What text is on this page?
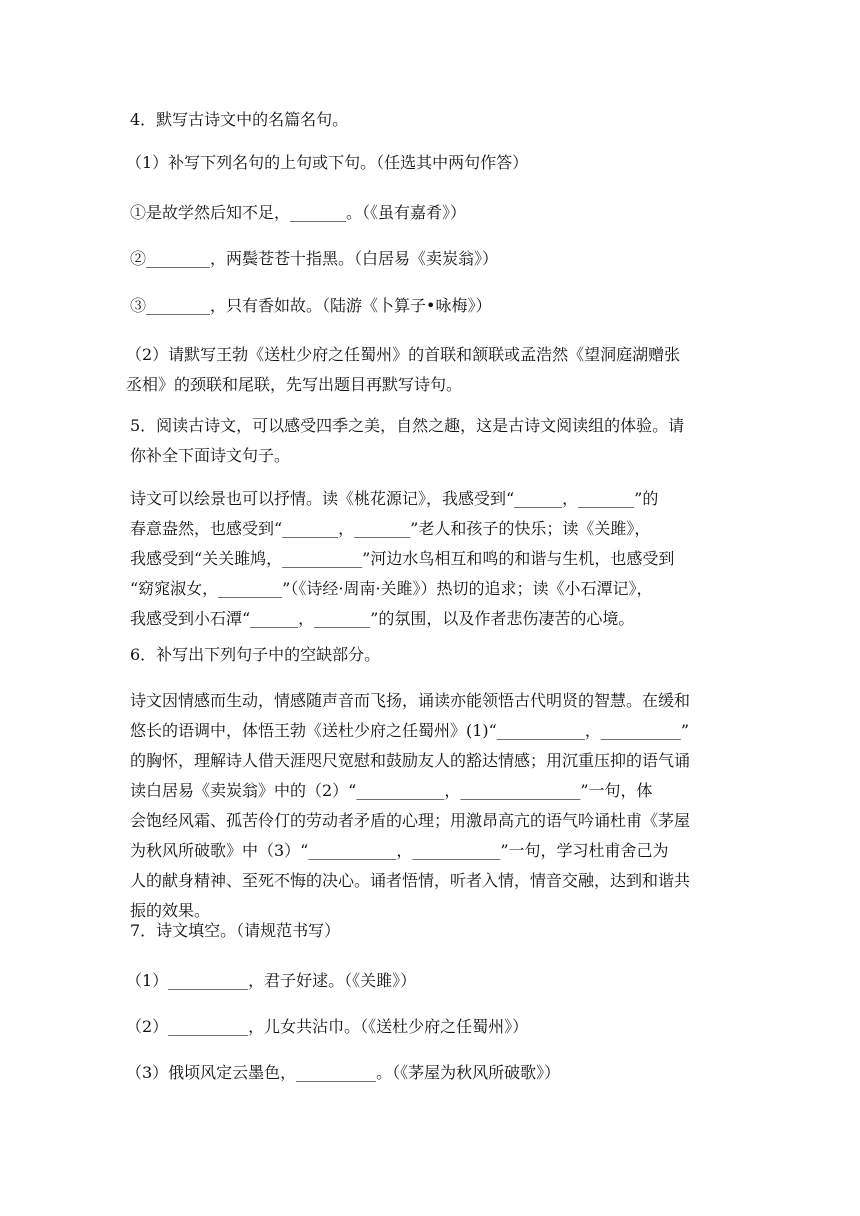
4．默写古诗文中的名篇名句。

（1）补写下列名句的上句或下句。（任选其中两句作答）

①是故学然后知不足，_______。（《虽有嘉肴》）

②________，两鬓苍苍十指黑。（白居易《卖炭翁》）

③________，只有香如故。（陆游《卜算子•咏梅》）

（2）请默写王勃《送杜少府之任蜀州》的首联和颔联或孟浩然《望洞庭湖赠张
丞相》的颈联和尾联，先写出题目再默写诗句。
5．阅读古诗文，可以感受四季之美，自然之趣，这是古诗文阅读组的体验。请
你补全下面诗文句子。
诗文可以绘景也可以抒情。读《桃花源记》，我感受到“______，_______”的
春意盎然，也感受到“_______，_______”老人和孩子的快乐；读《关雎》，
我感受到“关关雎鸠，__________”河边水鸟相互和鸣的和谐与生机，也感受到
“窈窕淑女，________”（《诗经·周南·关雎》）热切的追求；读《小石潭记》，
我感受到小石潭“______，_______”的氛围，以及作者悲伤凄苦的心境。

6．补写出下列句子中的空缺部分。

诗文因情感而生动，情感随声音而飞扬，诵读亦能领悟古代明贤的智慧。在缓和
悠长的语调中，体悟王勃《送杜少府之任蜀州》(1)“___________，__________”
的胸怀，理解诗人借天涯咫尺宽慰和鼓励友人的豁达情感；用沉重压抑的语气诵
读白居易《卖炭翁》中的（2）“___________，_______________”一句，体
会饱经风霜、孤苦伶仃的劳动者矛盾的心理；用激昂高亢的语气吟诵杜甫《茅屋
为秋风所破歌》中（3）“___________，___________”一句，学习杜甫舍己为
人的献身精神、至死不悔的决心。诵者悟情，听者入情，情音交融，达到和谐共
振的效果。

7．诗文填空。（请规范书写）

（1）__________，君子好逑。（《关雎》）

（2）__________，儿女共沾巾。（《送杜少府之任蜀州》）

（3）俄顷风定云墨色，__________。（《茅屋为秋风所破歌》）
